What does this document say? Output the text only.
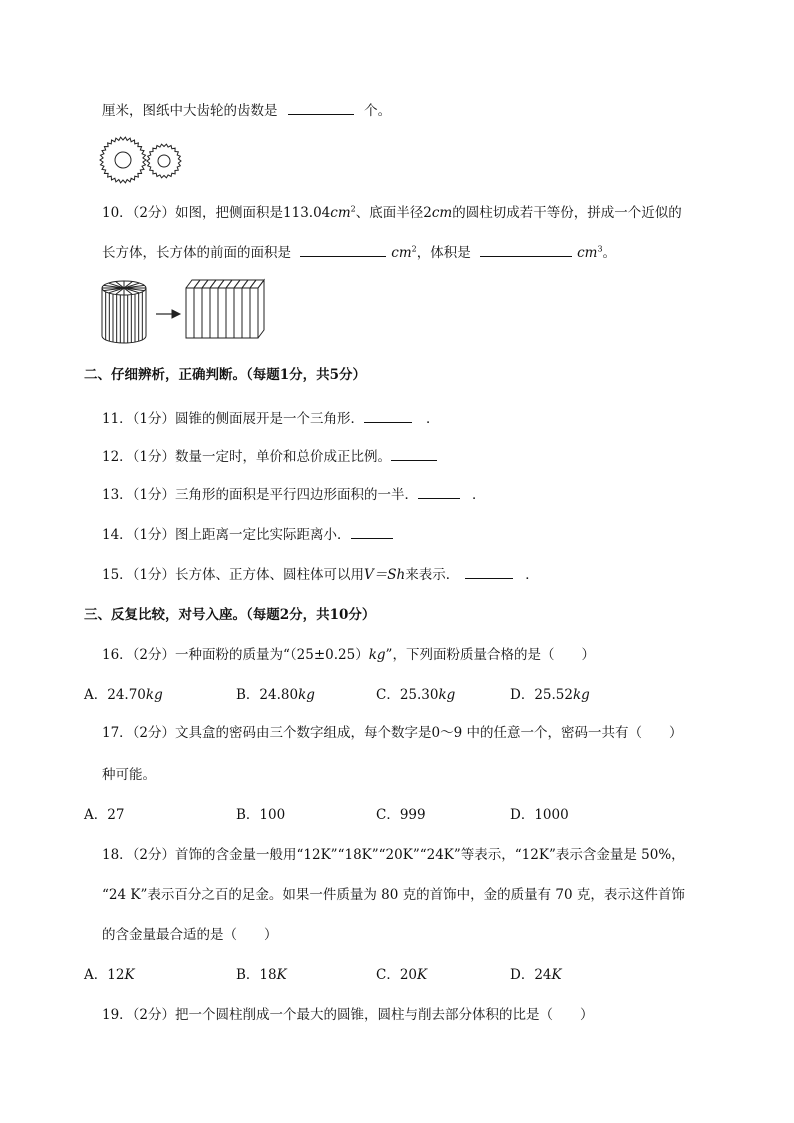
厘米，图纸中大齿轮的齿数是	个。
10．（2分）如图，把侧面积是$113.04cm^2$、底面半径2cm的圆柱切成若干等份，拼成一个近似的
长方体，长方体的前面的面积是	$cm^2$，体积是	$cm^3$。
二、仔细辨析，正确判断。（每题1分，共5分）
11．（1分）圆锥的侧面展开是一个三角形．	．
12．（1分）数量一定时，单价和总价成正比例。
13．（1分）三角形的面积是平行四边形面积的一半．	．
14．（1分）图上距离一定比实际距离小．
15．（1分）长方体、正方体、圆柱体可以用V＝Sh来表示．	．
三、反复比较，对号入座。（每题2分，共10分）
16．（2分）一种面粉的质量为“（25±0.25）kg”，下列面粉质量合格的是（　　）
A．24.70kg	B．24.80kg	C．25.30kg	D．25.52kg
17．（2分）文具盒的密码由三个数字组成，每个数字是0～9 中的任意一个，密码一共有（　　）
种可能。
A．27	B．100	C．999	D．1000
18．（2分）首饰的含金量一般用“12K”“18K”“20K”“24K”等表示，“12K”表示含金量是 50%，
“24 K”表示百分之百的足金。如果一件质量为 80 克的首饰中，金的质量有 70 克，表示这件首饰
的含金量最合适的是（　　）
A．12K	B．18K	C．20K	D．24K
19．（2分）把一个圆柱削成一个最大的圆锥，圆柱与削去部分体积的比是（　　）
